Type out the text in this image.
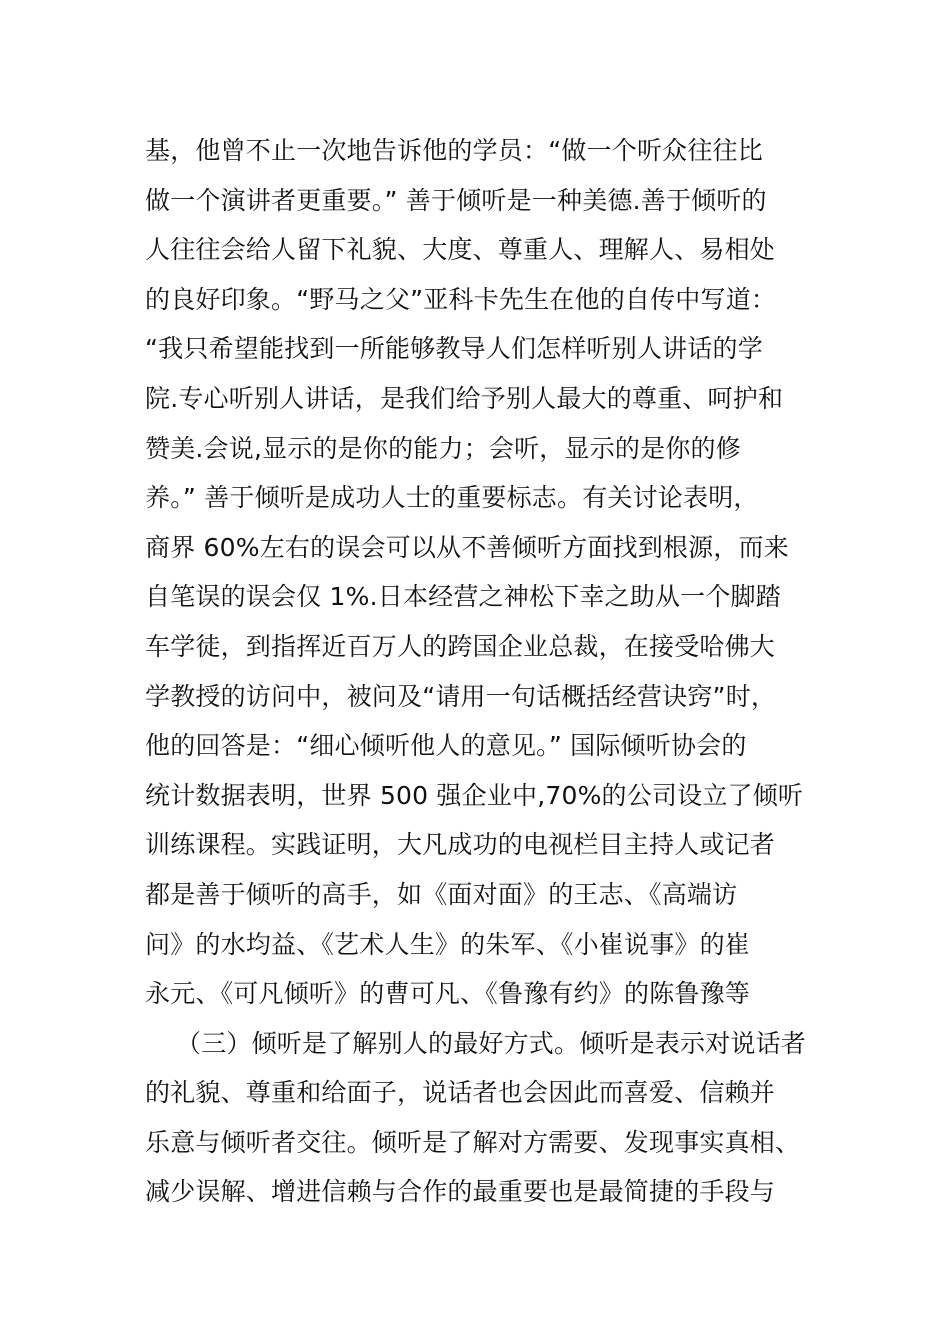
基，他曾不止一次地告诉他的学员：“做一个听众往往比
做一个演讲者更重要。” 善于倾听是一种美德.善于倾听的
人往往会给人留下礼貌、大度、尊重人、理解人、易相处
的良好印象。“野马之父”亚科卡先生在他的自传中写道：
“我只希望能找到一所能够教导人们怎样听别人讲话的学
院.专心听别人讲话，是我们给予别人最大的尊重、呵护和
赞美.会说,显示的是你的能力；会听，显示的是你的修
养。” 善于倾听是成功人士的重要标志。有关讨论表明，
商界 60%左右的误会可以从不善倾听方面找到根源，而来
自笔误的误会仅 1%.日本经营之神松下幸之助从一个脚踏
车学徒，到指挥近百万人的跨国企业总裁，在接受哈佛大
学教授的访问中，被问及“请用一句话概括经营诀窍”时，
他的回答是：“细心倾听他人的意见。” 国际倾听协会的
统计数据表明，世界 500 强企业中,70%的公司设立了倾听
训练课程。实践证明，大凡成功的电视栏目主持人或记者
都是善于倾听的高手，如《面对面》的王志、《高端访
问》的水均益、《艺术人生》的朱军、《小崔说事》的崔
永元、《可凡倾听》的曹可凡、《鲁豫有约》的陈鲁豫等
（三）倾听是了解别人的最好方式。倾听是表示对说话者
的礼貌、尊重和给面子，说话者也会因此而喜爱、信赖并
乐意与倾听者交往。倾听是了解对方需要、发现事实真相、
减少误解、增进信赖与合作的最重要也是最简捷的手段与
